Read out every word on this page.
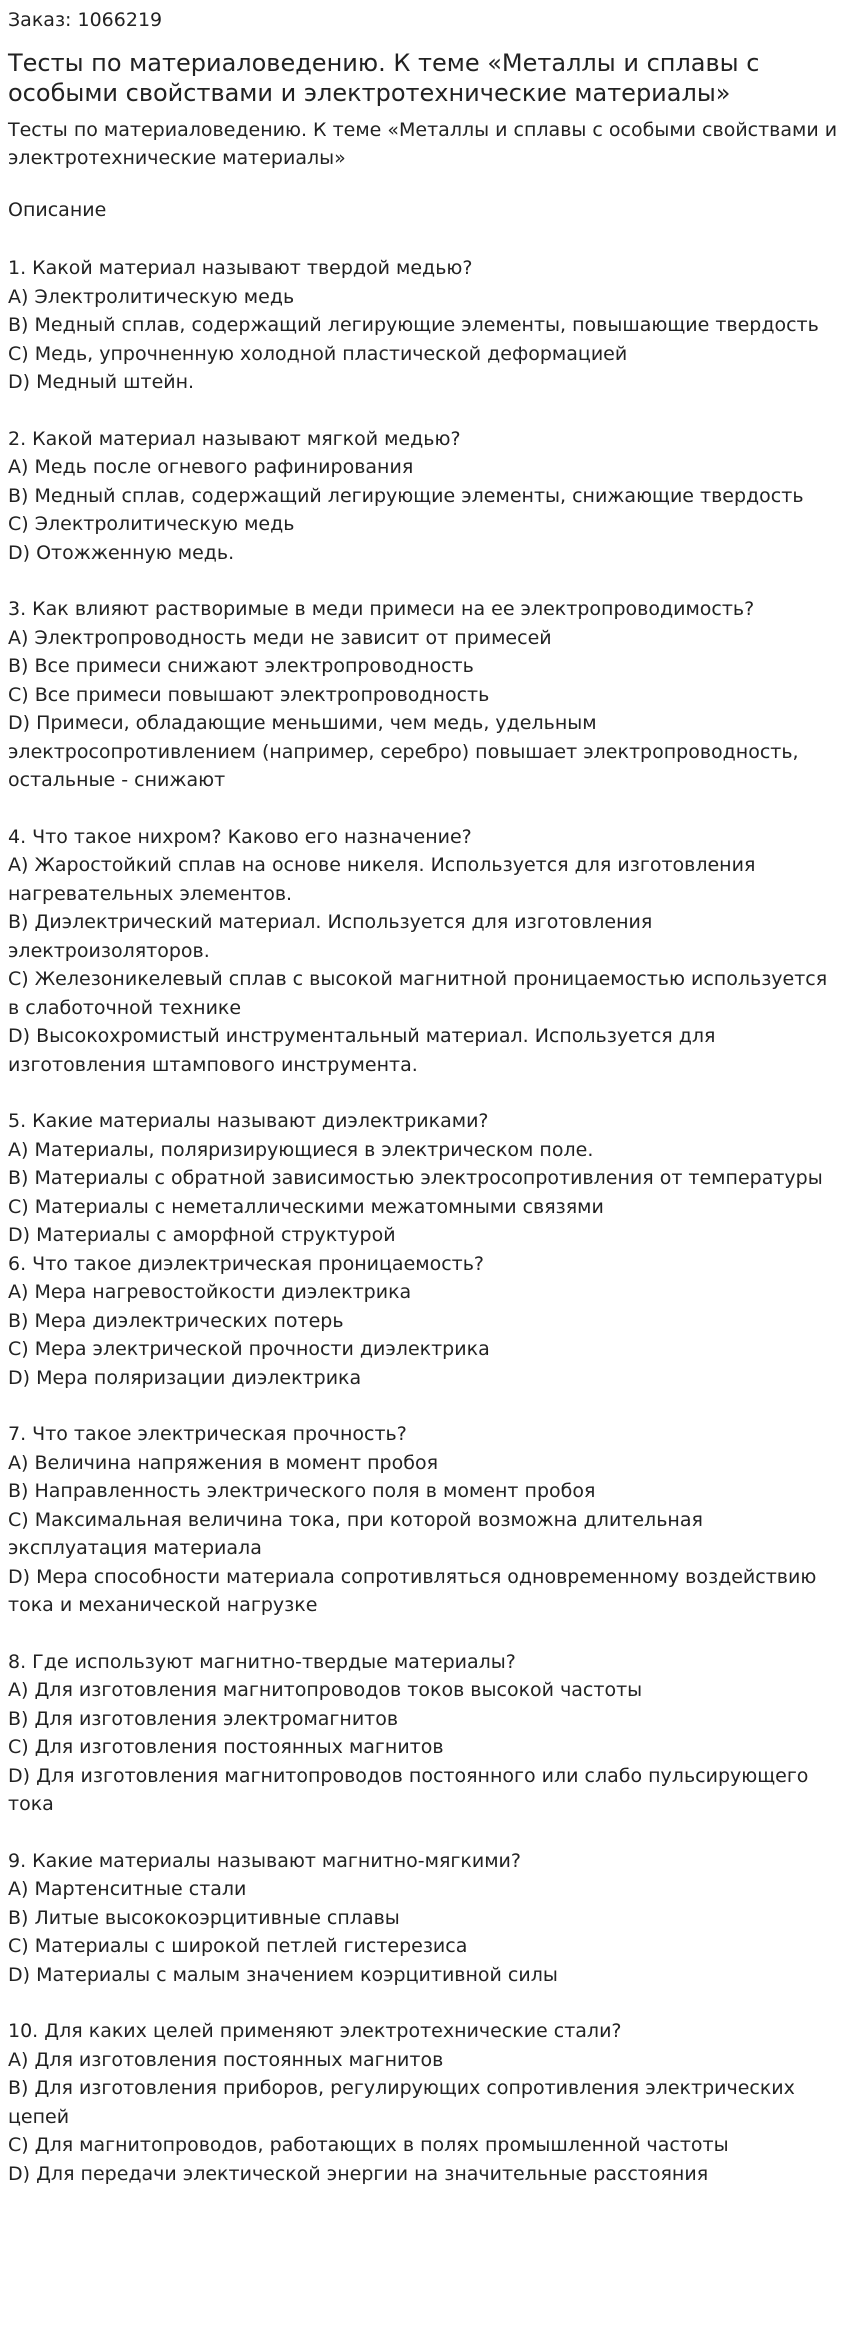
Заказ: 1066219
Тесты по материаловедению. К теме «Металлы и сплавы с особыми свойствами и электротехнические материалы»

Тесты по материаловедению. К теме «Металлы и сплавы с особыми свойствами и электротехнические материалы»

Описание
1. Какой материал называют твердой медью?
A) Электролитическую медь
B) Медный сплав, содержащий легирующие элементы, повышающие твердость
C) Медь, упрочненную холодной пластической деформацией
D) Медный штейн.
2. Какой материал называют мягкой медью?
A) Медь после огневого рафинирования
B) Медный сплав, содержащий легирующие элементы, снижающие твердость
C) Электролитическую медь
D) Отожженную медь.
3. Как влияют растворимые в меди примеси на ее электропроводимость?
A) Электропроводность меди не зависит от примесей
B) Все примеси снижают электропроводность
C) Все примеси повышают электропроводность
D) Примеси, обладающие меньшими, чем медь, удельным электросопротивлением (например, серебро) повышает электропроводность, остальные - снижают
4. Что такое нихром? Каково его назначение?
A) Жаростойкий сплав на основе никеля. Используется для изготовления нагревательных элементов.
B) Диэлектрический материал. Используется для изготовления электроизоляторов.
C) Железоникелевый сплав с высокой магнитной проницаемостью используется в слаботочной технике
D) Высокохромистый инструментальный материал. Используется для изготовления штампового инструмента.
5. Какие материалы называют диэлектриками?
A) Материалы, поляризирующиеся в электрическом поле.
B) Материалы с обратной зависимостью электросопротивления от температуры
C) Материалы с неметаллическими межатомными связями
D) Материалы с аморфной структурой
6. Что такое диэлектрическая проницаемость?
A) Мера нагревостойкости диэлектрика
B) Мера диэлектрических потерь
C) Мера электрической прочности диэлектрика
D) Мера поляризации диэлектрика
7. Что такое электрическая прочность?
A) Величина напряжения в момент пробоя
B) Направленность электрического поля в момент пробоя
C) Максимальная величина тока, при которой возможна длительная эксплуатация материала
D) Мера способности материала сопротивляться одновременному воздействию тока и механической нагрузке
8. Где используют магнитно-твердые материалы?
A) Для изготовления магнитопроводов токов высокой частоты
B) Для изготовления электромагнитов
C) Для изготовления постоянных магнитов
D) Для изготовления магнитопроводов постоянного или слабо пульсирующего тока
9. Какие материалы называют магнитно-мягкими?
A) Мартенситные стали
B) Литые высококоэрцитивные сплавы
C) Материалы с широкой петлей гистерезиса
D) Материалы с малым значением коэрцитивной силы
10. Для каких целей применяют электротехнические стали?
A) Для изготовления постоянных магнитов
B) Для изготовления приборов, регулирующих сопротивления электрических цепей
C) Для магнитопроводов, работающих в полях промышленной частоты
D) Для передачи электической энергии на значительные расстояния
